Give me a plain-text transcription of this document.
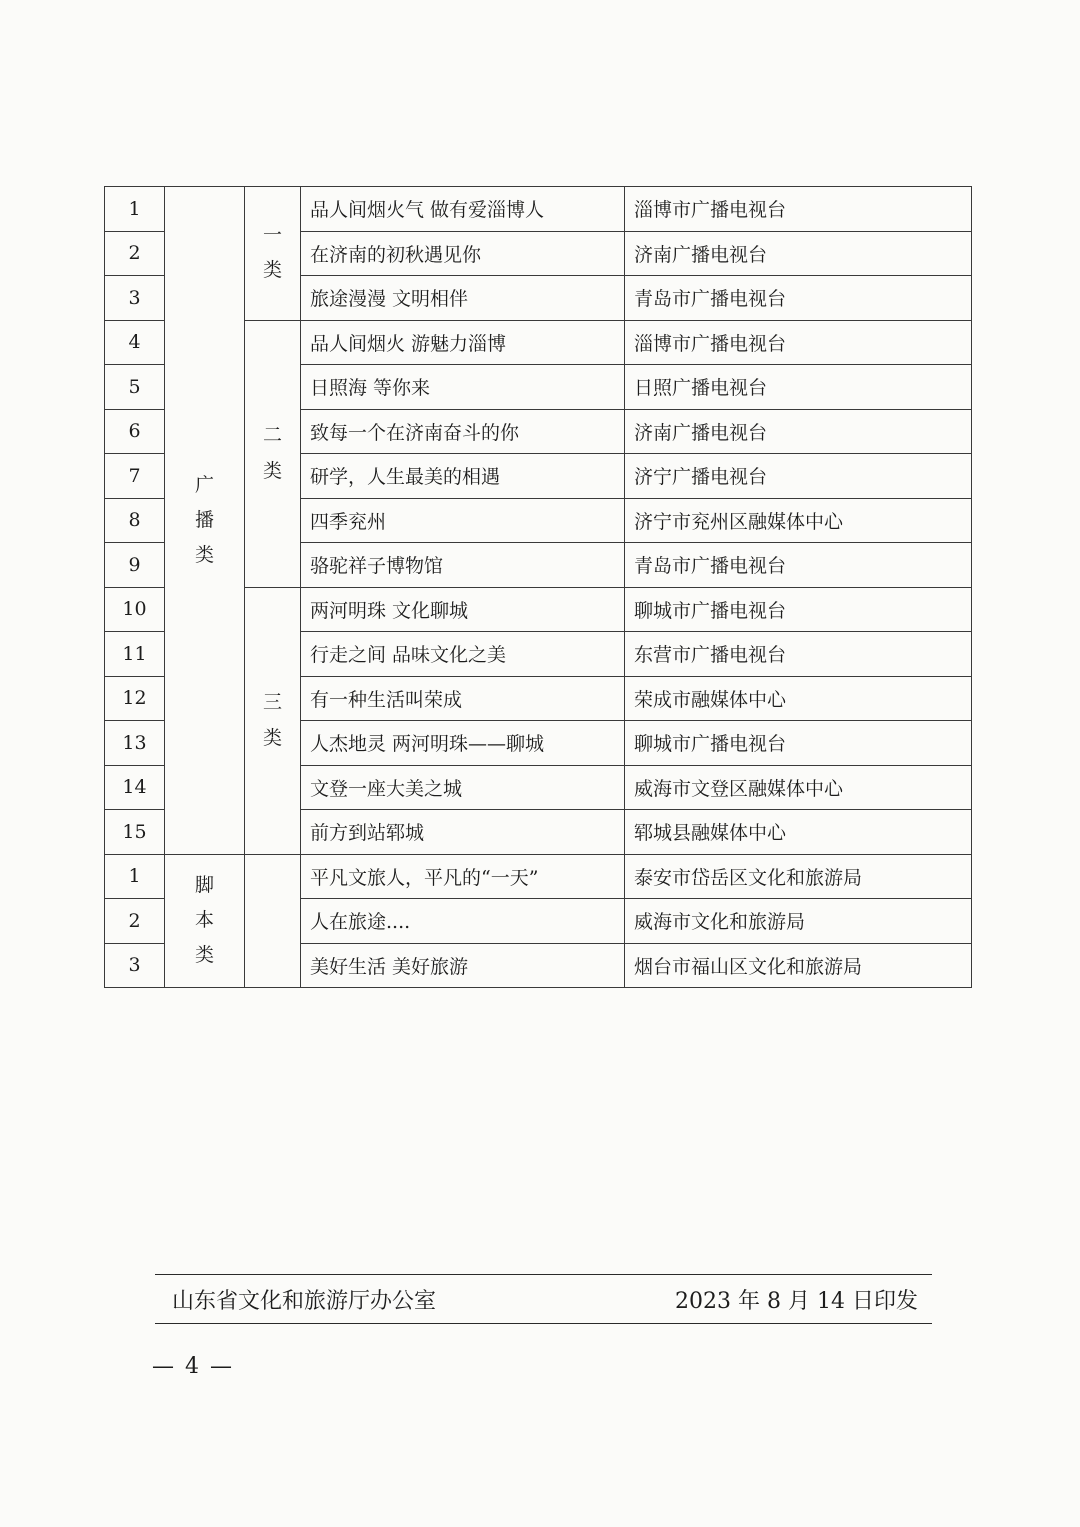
1	广播类	一类	品人间烟火气 做有爱淄博人	淄博市广播电视台
2			在济南的初秋遇见你	济南广播电视台
3			旅途漫漫 文明相伴	青岛市广播电视台
4		二类	品人间烟火 游魅力淄博	淄博市广播电视台
5			日照海 等你来	日照广播电视台
6			致每一个在济南奋斗的你	济南广播电视台
7			研学，人生最美的相遇	济宁广播电视台
8			四季兖州	济宁市兖州区融媒体中心
9			骆驼祥子博物馆	青岛市广播电视台
10		三类	两河明珠 文化聊城	聊城市广播电视台
11			行走之间 品味文化之美	东营市广播电视台
12			有一种生活叫荣成	荣成市融媒体中心
13			人杰地灵 两河明珠——聊城	聊城市广播电视台
14			文登一座大美之城	威海市文登区融媒体中心
15			前方到站郓城	郓城县融媒体中心
1	脚本类		平凡文旅人，平凡的“一天”	泰安市岱岳区文化和旅游局
2			人在旅途....	威海市文化和旅游局
3			美好生活 美好旅游	烟台市福山区文化和旅游局
山东省文化和旅游厅办公室	2023 年 8 月 14 日印发
— 4 —
